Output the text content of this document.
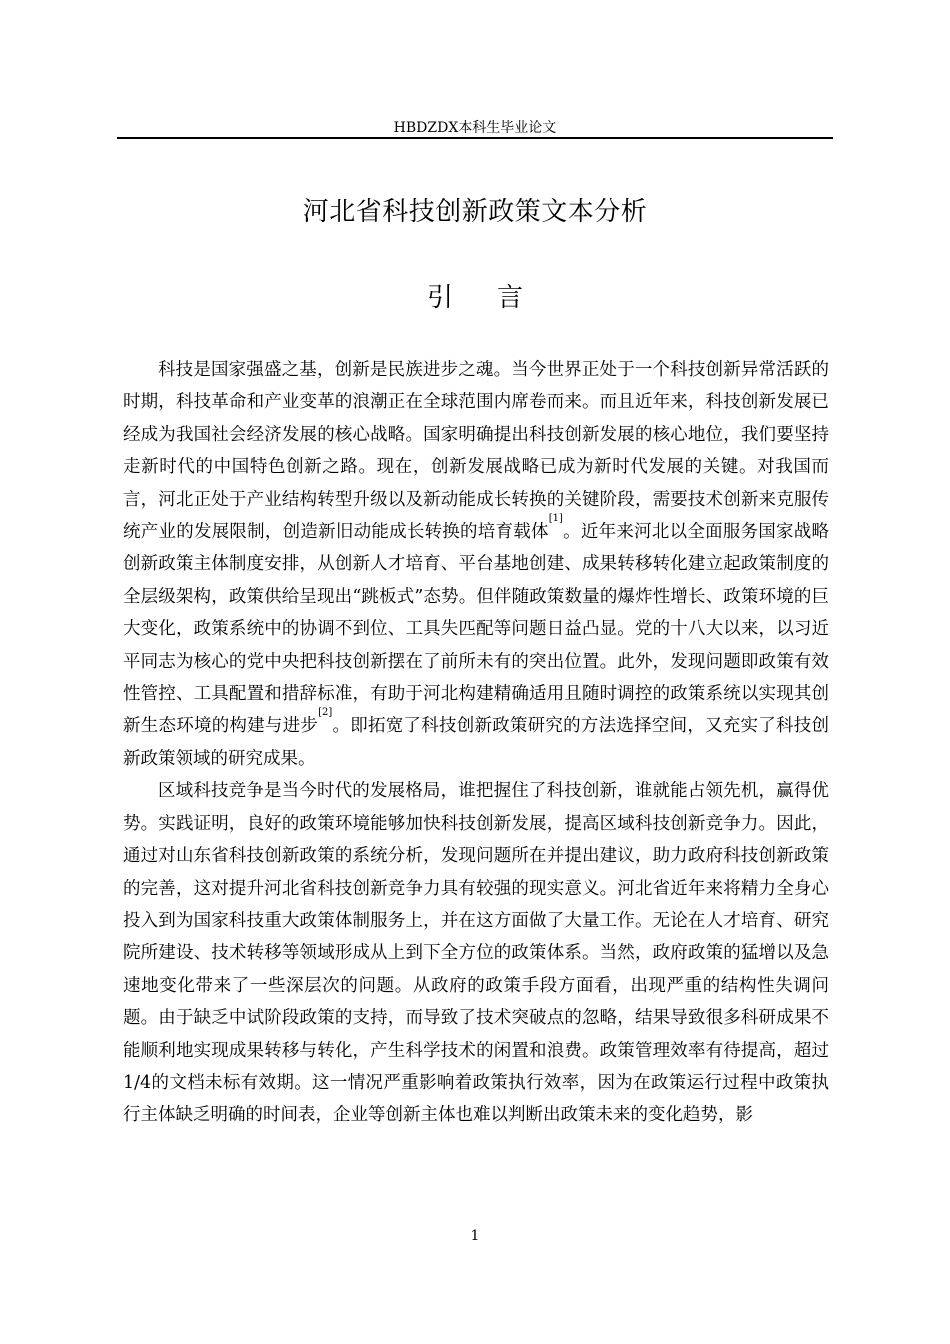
HBDZDX本科生毕业论文
河北省科技创新政策文本分析
引 言

科技是国家强盛之基，创新是民族进步之魂。当今世界正处于一个科技创新异常活跃的时期，科技革命和产业变革的浪潮正在全球范围内席卷而来。而且近年来，科技创新发展已经成为我国社会经济发展的核心战略。国家明确提出科技创新发展的核心地位，我们要坚持走新时代的中国特色创新之路。现在，创新发展战略已成为新时代发展的关键。对我国而言，河北正处于产业结构转型升级以及新动能成长转换的关键阶段，需要技术创新来克服传统产业的发展限制，创造新旧动能成长转换的培育载体[1]。近年来河北以全面服务国家战略创新政策主体制度安排，从创新人才培育、平台基地创建、成果转移转化建立起政策制度的全层级架构，政策供给呈现出“跳板式”态势。但伴随政策数量的爆炸性增长、政策环境的巨大变化，政策系统中的协调不到位、工具失匹配等问题日益凸显。党的十八大以来，以习近平同志为核心的党中央把科技创新摆在了前所未有的突出位置。此外，发现问题即政策有效性管控、工具配置和措辞标准，有助于河北构建精确适用且随时调控的政策系统以实现其创新生态环境的构建与进步[2]。即拓宽了科技创新政策研究的方法选择空间，又充实了科技创新政策领域的研究成果。

区域科技竞争是当今时代的发展格局，谁把握住了科技创新，谁就能占领先机，赢得优势。实践证明，良好的政策环境能够加快科技创新发展，提高区域科技创新竞争力。因此，通过对山东省科技创新政策的系统分析，发现问题所在并提出建议，助力政府科技创新政策的完善，这对提升河北省科技创新竞争力具有较强的现实意义。河北省近年来将精力全身心投入到为国家科技重大政策体制服务上，并在这方面做了大量工作。无论在人才培育、研究院所建设、技术转移等领域形成从上到下全方位的政策体系。当然，政府政策的猛增以及急速地变化带来了一些深层次的问题。从政府的政策手段方面看，出现严重的结构性失调问题。由于缺乏中试阶段政策的支持，而导致了技术突破点的忽略，结果导致很多科研成果不能顺利地实现成果转移与转化，产生科学技术的闲置和浪费。政策管理效率有待提高，超过1/4的文档未标有效期。这一情况严重影响着政策执行效率，因为在政策运行过程中政策执行主体缺乏明确的时间表，企业等创新主体也难以判断出政策未来的变化趋势，影

1
